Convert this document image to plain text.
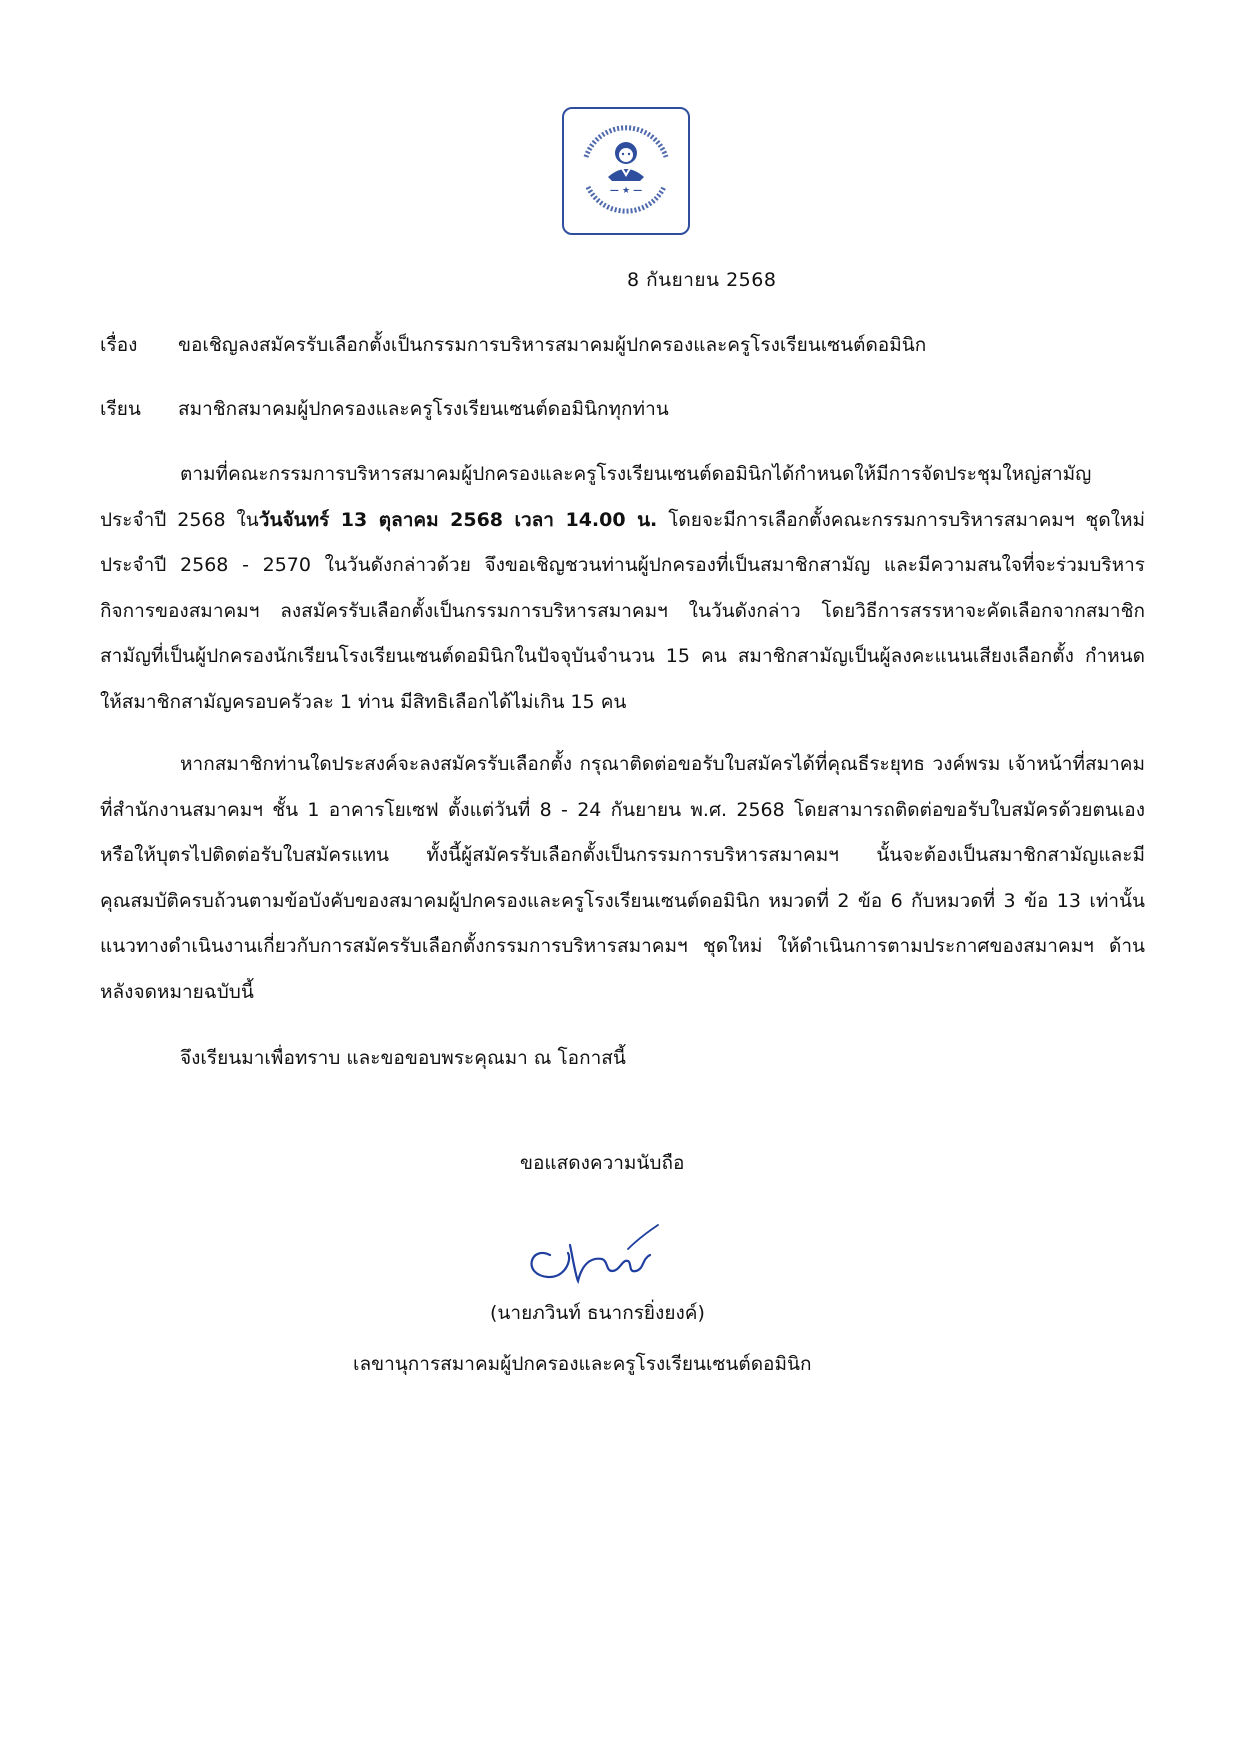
— ★ —
8 กันยายน 2568
เรื่อง	ขอเชิญลงสมัครรับเลือกตั้งเป็นกรรมการบริหารสมาคมผู้ปกครองและครูโรงเรียนเซนต์ดอมินิก
เรียน	สมาชิกสมาคมผู้ปกครองและครูโรงเรียนเซนต์ดอมินิกทุกท่าน

ตามที่คณะกรรมการบริหารสมาคมผู้ปกครองและครูโรงเรียนเซนต์ดอมินิกได้กำหนดให้มีการจัดประชุมใหญ่สามัญประจำปี 2568 ในวันจันทร์ 13 ตุลาคม 2568 เวลา 14.00 น. โดยจะมีการเลือกตั้งคณะกรรมการบริหารสมาคมฯ ชุดใหม่ ประจำปี 2568 - 2570 ในวันดังกล่าวด้วย จึงขอเชิญชวนท่านผู้ปกครองที่เป็นสมาชิกสามัญ และมีความสนใจที่จะร่วมบริหารกิจการของสมาคมฯ ลงสมัครรับเลือกตั้งเป็นกรรมการบริหารสมาคมฯ ในวันดังกล่าว โดยวิธีการสรรหาจะคัดเลือกจากสมาชิกสามัญที่เป็นผู้ปกครองนักเรียนโรงเรียนเซนต์ดอมินิกในปัจจุบันจำนวน 15 คน สมาชิกสามัญเป็นผู้ลงคะแนนเสียงเลือกตั้ง กำหนดให้สมาชิกสามัญครอบครัวละ 1 ท่าน มีสิทธิเลือกได้ไม่เกิน 15 คน

หากสมาชิกท่านใดประสงค์จะลงสมัครรับเลือกตั้ง กรุณาติดต่อขอรับใบสมัครได้ที่คุณธีระยุทธ วงค์พรม เจ้าหน้าที่สมาคม ที่สำนักงานสมาคมฯ ชั้น 1 อาคารโยเซฟ ตั้งแต่วันที่ 8 - 24 กันยายน พ.ศ. 2568 โดยสามารถติดต่อขอรับใบสมัครด้วยตนเอง หรือให้บุตรไปติดต่อรับใบสมัครแทน ทั้งนี้ผู้สมัครรับเลือกตั้งเป็นกรรมการบริหารสมาคมฯ นั้นจะต้องเป็นสมาชิกสามัญและมีคุณสมบัติครบถ้วนตามข้อบังคับของสมาคมผู้ปกครองและครูโรงเรียนเซนต์ดอมินิก หมวดที่ 2 ข้อ 6 กับหมวดที่ 3 ข้อ 13 เท่านั้น แนวทางดำเนินงานเกี่ยวกับการสมัครรับเลือกตั้งกรรมการบริหารสมาคมฯ ชุดใหม่ ให้ดำเนินการตามประกาศของสมาคมฯ ด้านหลังจดหมายฉบับนี้

จึงเรียนมาเพื่อทราบ และขอขอบพระคุณมา ณ โอกาสนี้

ขอแสดงความนับถือ
(นายภวินท์ ธนากรยิ่งยงค์)
เลขานุการสมาคมผู้ปกครองและครูโรงเรียนเซนต์ดอมินิก
